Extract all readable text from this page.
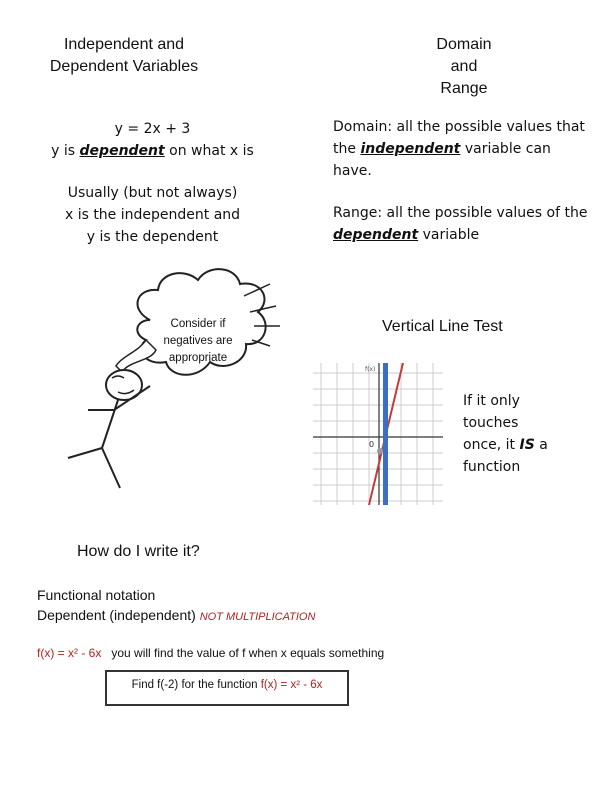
Independent and
Dependent Variables
Domain
and
Range
y = 2x + 3
y is dependent on what x is
Usually (but not always)
x is the independent and
y is the dependent
Domain: all the possible values that the independent variable can have.
Range: all the possible values of the dependent variable
Consider if
negatives are
appropriate
Vertical Line Test
0
f(x)
If it only
touches
once, it IS a
function
How do I write it?
Functional notation
Dependent (independent) NOT MULTIPLICATION
f(x) = x² - 6x   you will find the value of f when x equals something
Find f(-2) for the function f(x) = x² - 6x
